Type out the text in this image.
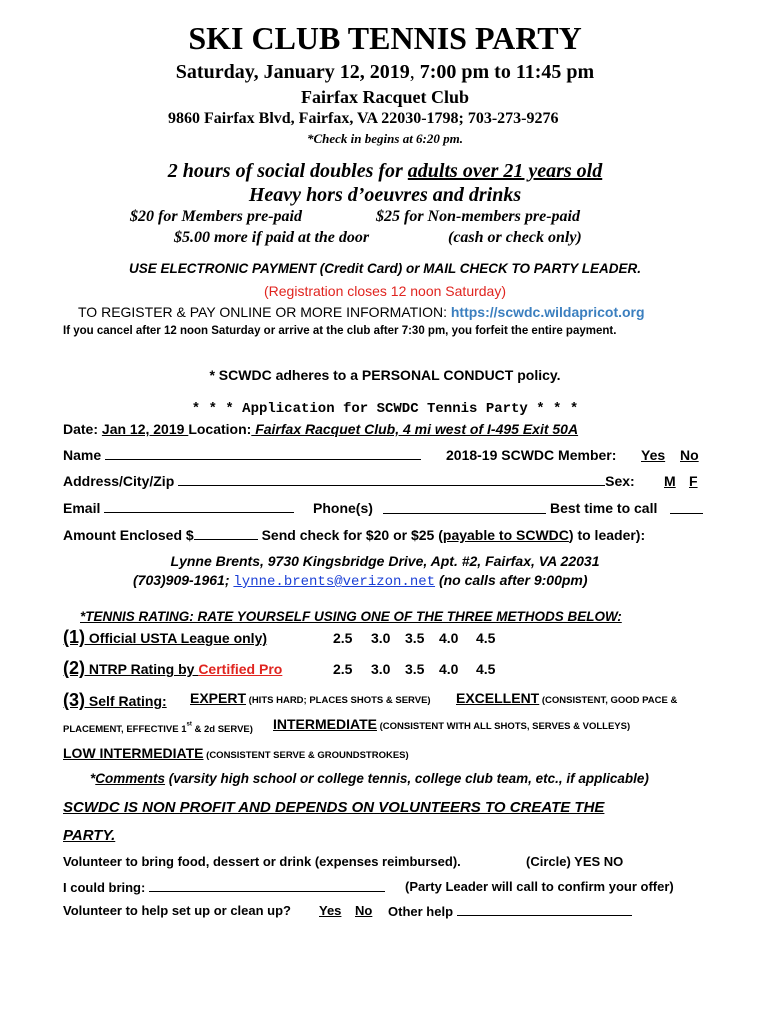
SKI CLUB TENNIS PARTY
Saturday, January 12, 2019, 7:00 pm to 11:45 pm
Fairfax Racquet Club
9860 Fairfax Blvd, Fairfax, VA 22030-1798; 703-273-9276
*Check in begins at 6:20 pm.
2 hours of social doubles for adults over 21 years old
Heavy hors d’oeuvres and drinks
$20 for Members pre-paid	$25 for Non-members pre-paid
$5.00 more if paid at the door	(cash or check only)
USE ELECTRONIC PAYMENT (Credit Card) or MAIL CHECK TO PARTY LEADER.
(Registration closes 12 noon Saturday)
TO REGISTER & PAY ONLINE OR MORE INFORMATION: https://scwdc.wildapricot.org
If you cancel after 12 noon Saturday or arrive at the club after 7:30 pm, you forfeit the entire payment.
* SCWDC adheres to a PERSONAL CONDUCT policy.
* * * Application for SCWDC Tennis Party * * *
Date: Jan 12, 2019 Location: Fairfax Racquet Club, 4 mi west of I-495 Exit 50A
Name	2018-19 SCWDC Member: Yes No
Address/City/Zip	Sex: M F
Email	Phone(s)	Best time to call
Amount Enclosed $	Send check for $20 or $25 (payable to SCWDC) to leader):
Lynne Brents, 9730 Kingsbridge Drive, Apt. #2, Fairfax, VA 22031
(703)909-1961; lynne.brents@verizon.net (no calls after 9:00pm)
*TENNIS RATING: RATE YOURSELF USING ONE OF THE THREE METHODS BELOW:
(1) Official USTA League only)	2.5 3.0 3.5 4.0 4.5
(2) NTRP Rating by Certified Pro	2.5 3.0 3.5 4.0 4.5
(3) Self Rating: EXPERT (HITS HARD; PLACES SHOTS & SERVE) EXCELLENT (CONSISTENT, GOOD PACE &
PLACEMENT, EFFECTIVE 1st & 2d SERVE) INTERMEDIATE (CONSISTENT WITH ALL SHOTS, SERVES & VOLLEYS)
LOW INTERMEDIATE (CONSISTENT SERVE & GROUNDSTROKES)
*Comments (varsity high school or college tennis, college club team, etc., if applicable)
SCWDC IS NON PROFIT AND DEPENDS ON VOLUNTEERS TO CREATE THE
PARTY.
Volunteer to bring food, dessert or drink (expenses reimbursed).	(Circle) YES NO
I could bring:	(Party Leader will call to confirm your offer)
Volunteer to help set up or clean up? Yes No Other help
